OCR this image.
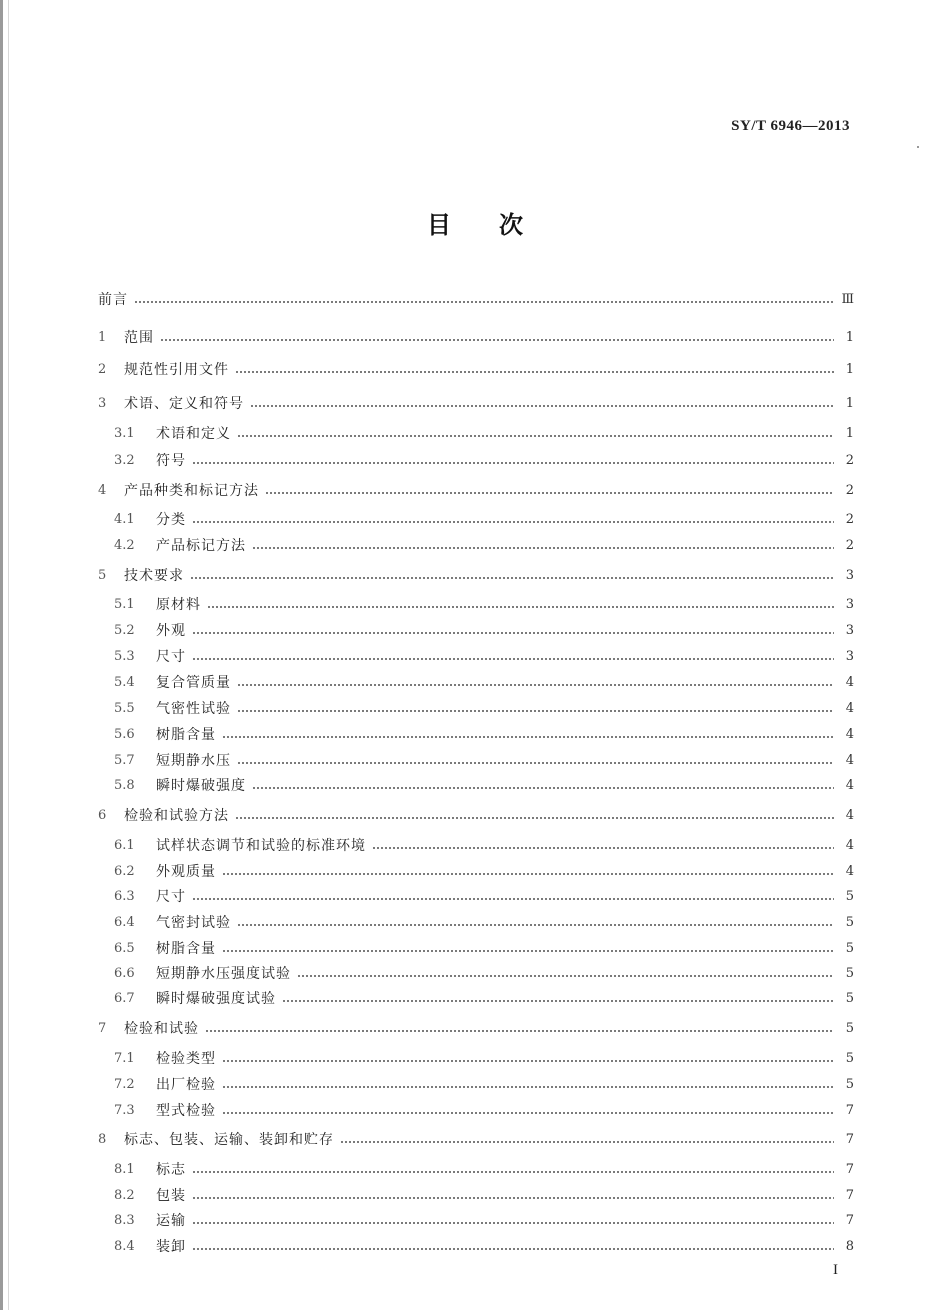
SY/T 6946—2013
目 次
前言	Ⅲ
1	范围	1
2	规范性引用文件	1
3	术语、定义和符号	1
3.1	术语和定义	1
3.2	符号	2
4	产品种类和标记方法	2
4.1	分类	2
4.2	产品标记方法	2
5	技术要求	3
5.1	原材料	3
5.2	外观	3
5.3	尺寸	3
5.4	复合管质量	4
5.5	气密性试验	4
5.6	树脂含量	4
5.7	短期静水压	4
5.8	瞬时爆破强度	4
6	检验和试验方法	4
6.1	试样状态调节和试验的标准环境	4
6.2	外观质量	4
6.3	尺寸	5
6.4	气密封试验	5
6.5	树脂含量	5
6.6	短期静水压强度试验	5
6.7	瞬时爆破强度试验	5
7	检验和试验	5
7.1	检验类型	5
7.2	出厂检验	5
7.3	型式检验	7
8	标志、包装、运输、装卸和贮存	7
8.1	标志	7
8.2	包装	7
8.3	运输	7
8.4	装卸	8
I
